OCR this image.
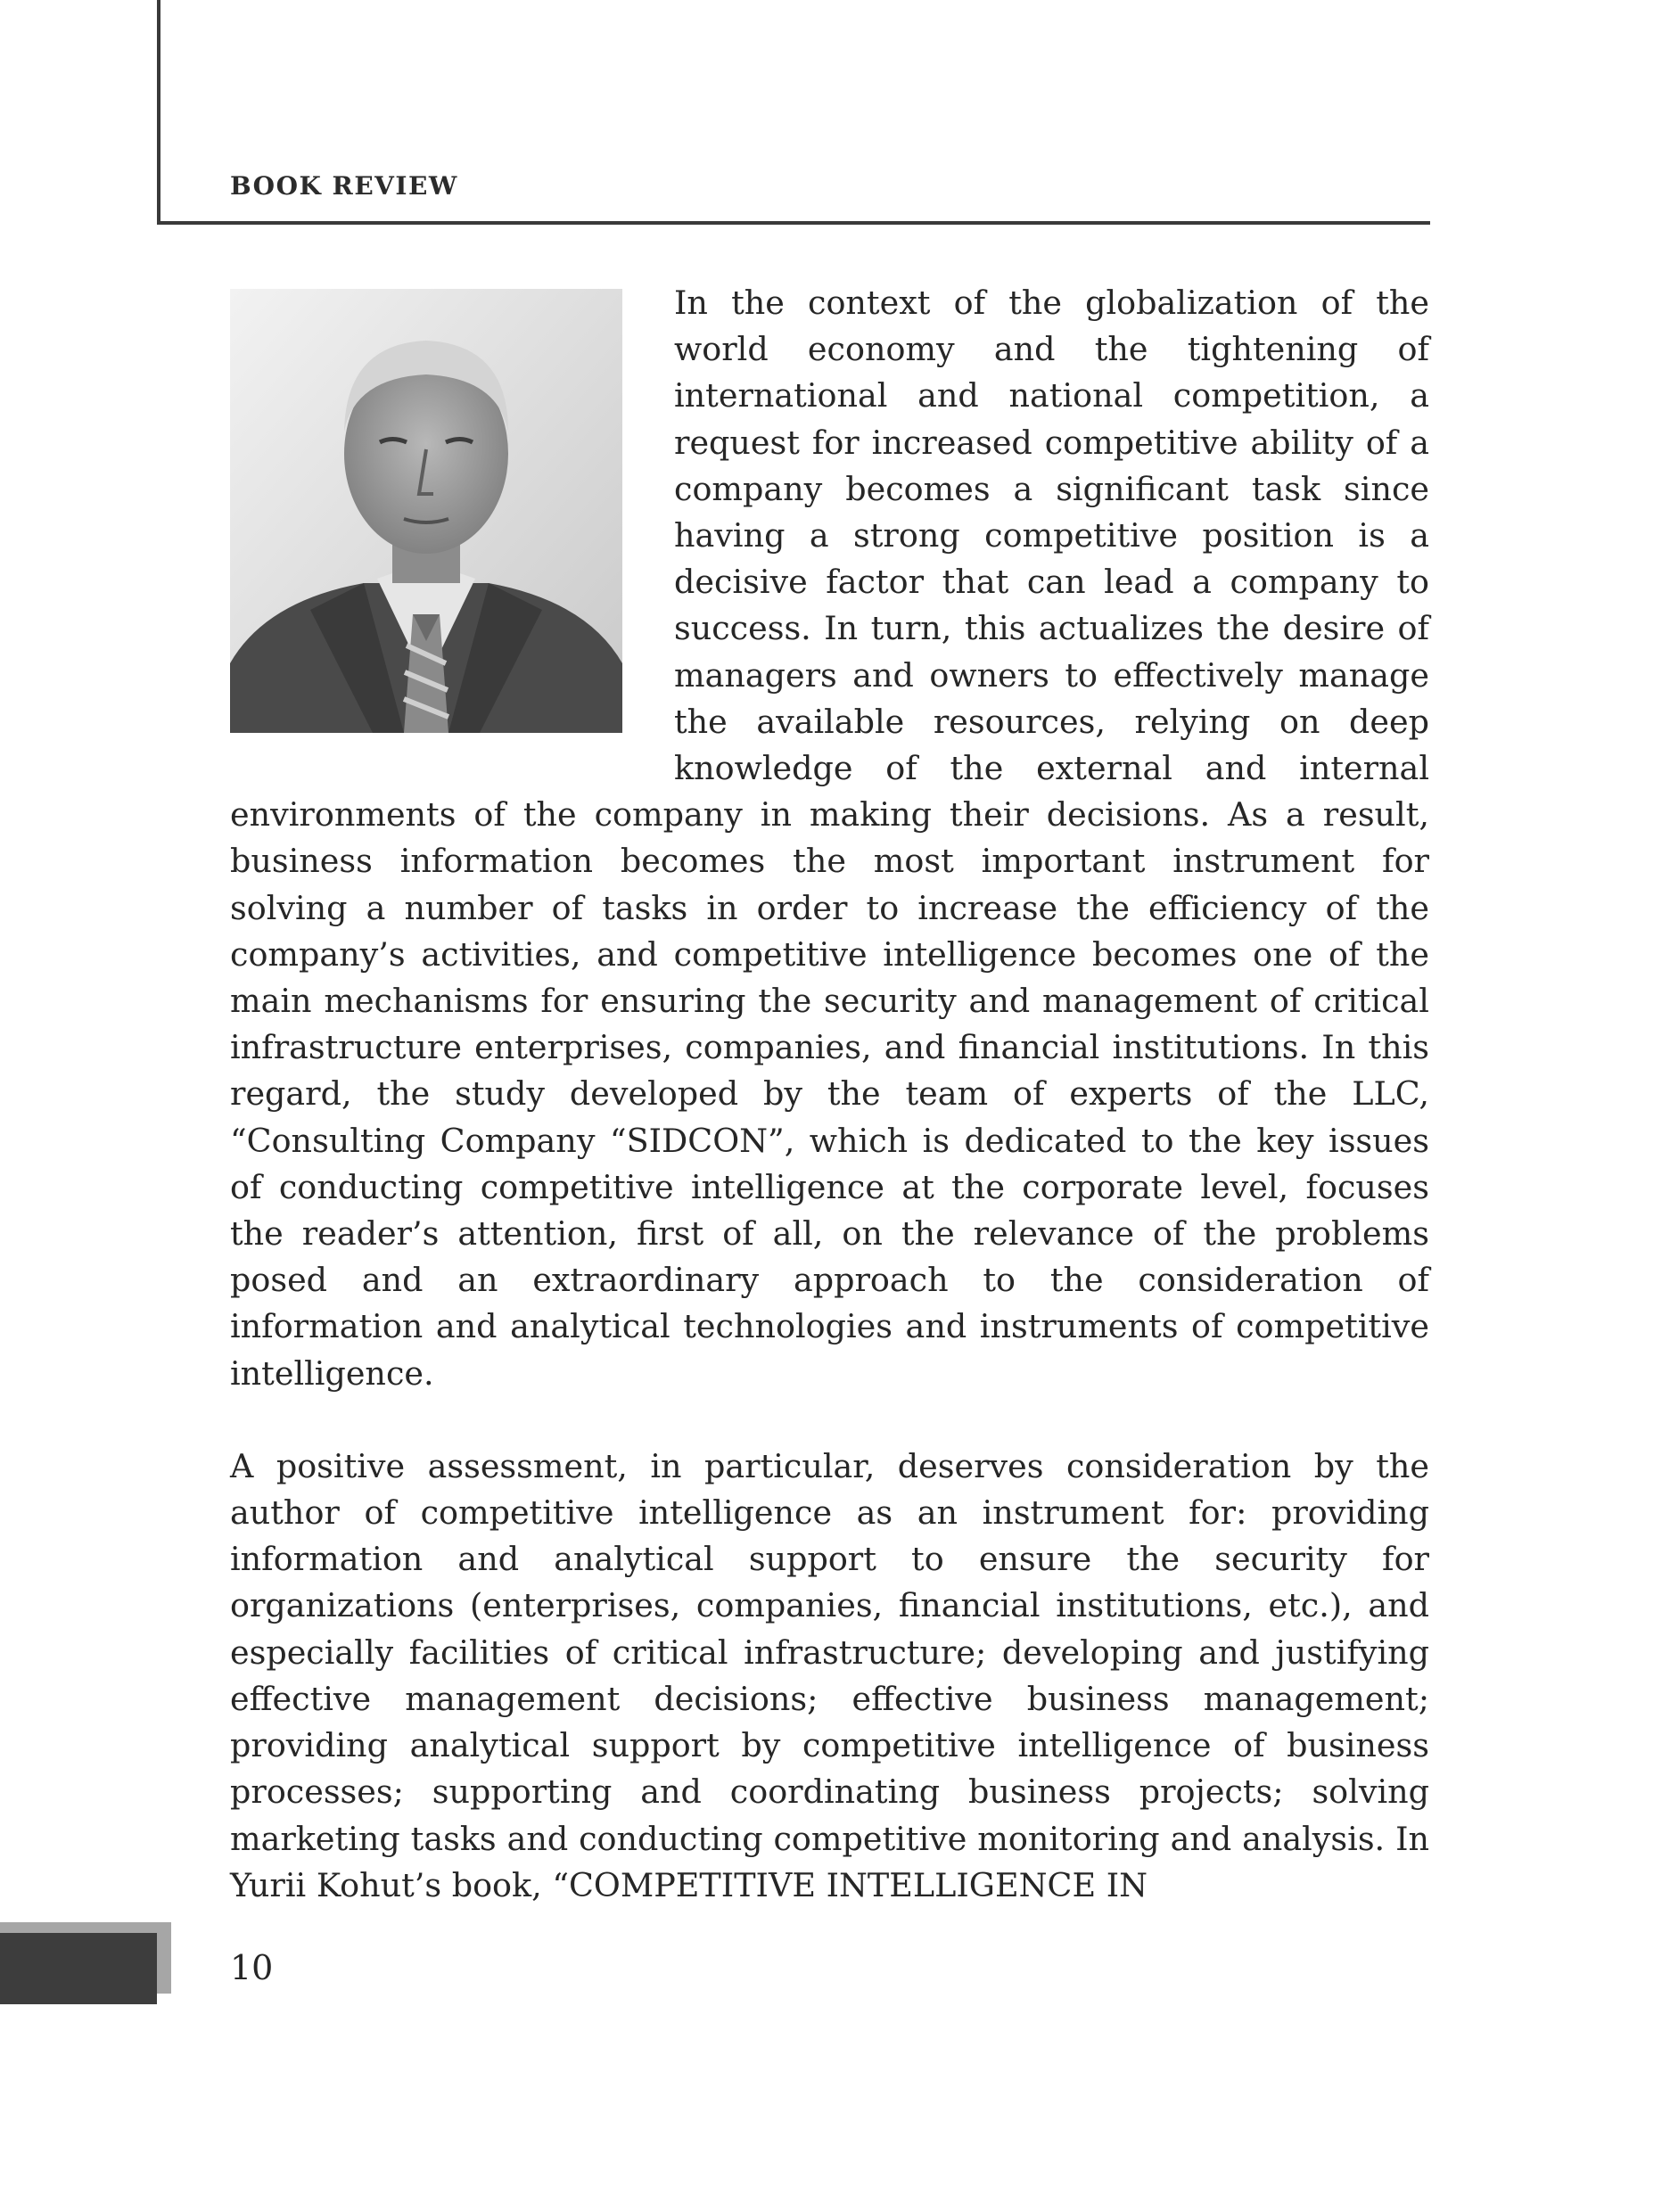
BOOK REVIEW

In the context of the globalization of the world economy and the tightening of international and national competition, a request for increased competitive ability of a company becomes a significant task since having a strong competitive position is a decisive factor that can lead a company to success. In turn, this actualizes the desire of managers and owners to effectively manage the available resources, relying on deep knowledge of the external and internal environments of the company in making their decisions. As a result, business information becomes the most important instrument for solving a number of tasks in order to increase the efficiency of the company’s activities, and competitive intelligence becomes one of the main mechanisms for ensuring the security and management of critical infrastructure enterprises, companies, and financial institutions. In this regard, the study developed by the team of experts of the LLC, “Consulting Company “SIDCON”, which is dedicated to the key issues of conducting competitive intelligence at the corporate level, focuses the reader’s attention, first of all, on the relevance of the problems posed and an extraordinary approach to the consideration of information and analytical technologies and instruments of competitive intelligence.

A positive assessment, in particular, deserves consideration by the author of competitive intelligence as an instrument for: providing information and analytical support to ensure the security for organizations (enterprises, companies, financial institutions, etc.), and especially facilities of critical infrastructure; developing and justifying effective management decisions; effective business management; providing analytical support by competitive intelligence of business processes; supporting and coordinating business projects; solving marketing tasks and conducting competitive monitoring and analysis. In Yurii Kohut’s book, “COMPETITIVE INTELLIGENCE IN

10
